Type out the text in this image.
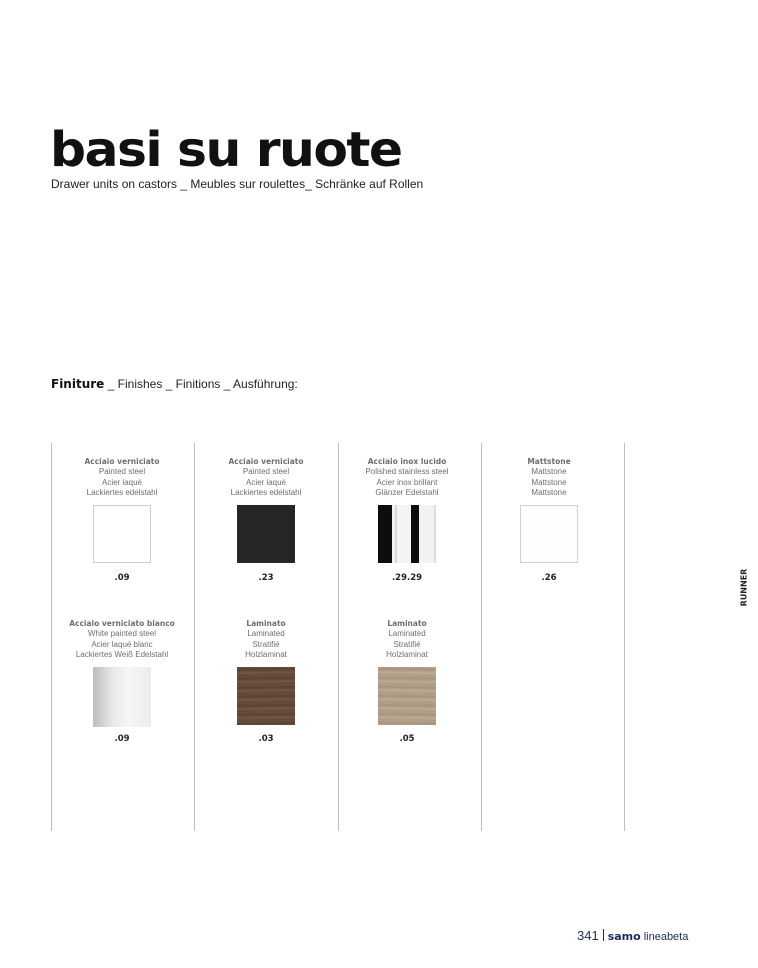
basi su ruote
Drawer units on castors _ Meubles sur roulettes_ Schränke auf Rollen
Finiture _ Finishes _ Finitions _ Ausführung:
Acciaio verniciato
Painted steel
Acier laqué
Lackiertes edelstahl
.09
Acciaio verniciato
Painted steel
Acier laqué
Lackiertes edelstahl
.23
Acciaio inox lucido
Polished stainless steel
Acier inox brillant
Glänzer Edelstahl
.29.29
Mattstone
Mattstone
Mattstone
Mattstone
.26
Acciaio verniciato bianco
White painted steel
Acier laqué blanc
Lackiertes Weiß Edelstahl
.09
Laminato
Laminated
Stratifié
Holzlaminat
.03
Laminato
Laminated
Stratifié
Holzlaminat
.05
RUNNER
341 samo lineabeta
